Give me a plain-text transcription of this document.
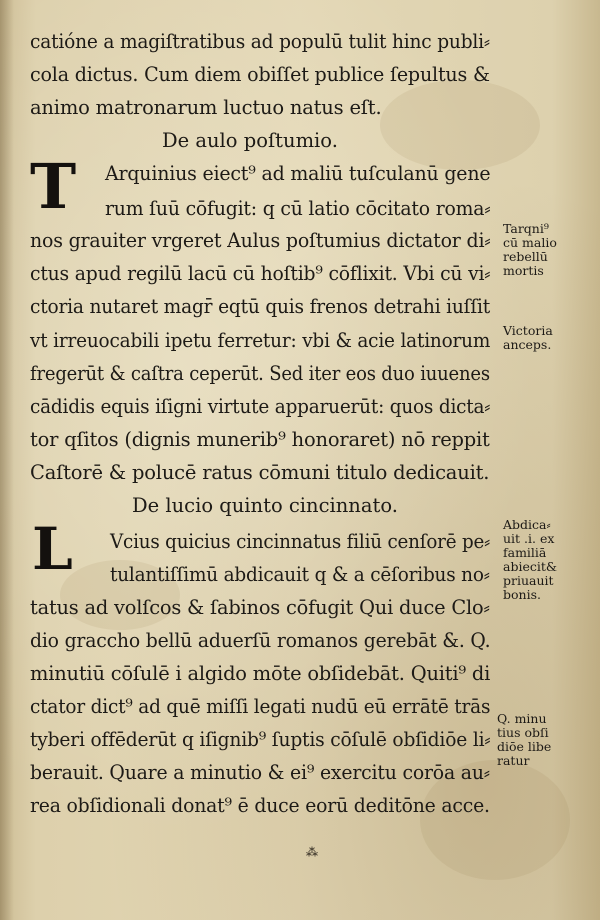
catióne a magiſtratibus ad populū tulit hinc publi⸗
cola dictus. Cum diem obiſſet publice ſepultus &
animo matronarum luctuo natus eſt.
De aulo poſtumio.
T Arquinius eiect⁹ ad maliū tuſculanū gene
rum ſuū cōfugit: q cū latio cōcitato roma⸗
nos grauiter vrgeret Aulus poſtumius dictator di⸗
ctus apud regilū lacū cū hoſtib⁹ cōflixit. Vbi cū vi⸗
ctoria nutaret magr̄ eqtū quis frenos detrahi iuſſit
vt irreuocabili ipetu ferretur: vbi & acie latinorum
fregerūt & caſtra ceperūt. Sed iter eos duo iuuenes
cādidis equis iſigni virtute apparuerūt: quos dicta⸗
tor qſitos (dignis munerib⁹ honoraret) nō reppit
Caſtorē & polucē ratus cōmuni titulo dedicauit.
De lucio quinto cincinnato.
L Vcius quicius cincinnatus filiū cenſorē pe⸗
tulantiſſimū abdicauit q & a cēſoribus no⸗
tatus ad volſcos & ſabinos cōfugit Qui duce Clo⸗
dio graccho bellū aduerſū romanos gerebāt &. Q.
minutiū cōſulē i algido mōte obſidebāt. Quiti⁹ di
ctator dict⁹ ad quē miſſi legati nudū eū errātē trās
tyberi offēderūt q iſignib⁹ ſuptis cōſulē obſidiōe li⸗
berauit. Quare a minutio & ei⁹ exercitu corōa au⸗
rea obſidionali donat⁹ ē duce eorū deditōne acce.
Tarqni⁹
cū malio
rebellū
mortis
Victoria
anceps.
Abdica⸗
uit .i. ex
familiā
abiecit&
priuauit
bonis.
Q. minu
tius obſi
diōe libe
ratur
⁂
